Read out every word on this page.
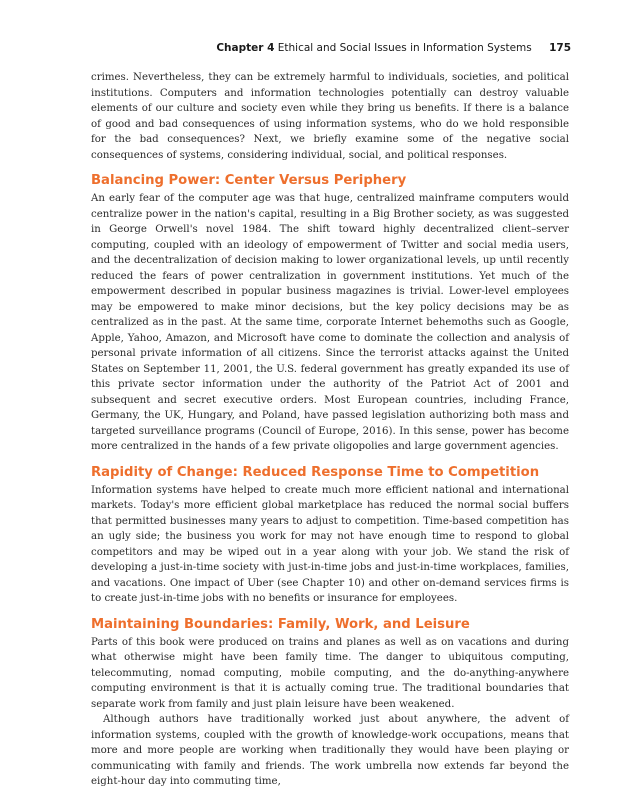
Chapter 4 Ethical and Social Issues in Information Systems 175

crimes. Nevertheless, they can be extremely harmful to individuals, societies, and political institutions. Computers and information technologies potentially can destroy valuable elements of our culture and society even while they bring us benefits. If there is a balance of good and bad consequences of using information systems, who do we hold responsible for the bad consequences? Next, we briefly examine some of the negative social consequences of systems, considering individual, social, and political responses.

Balancing Power: Center Versus Periphery

An early fear of the computer age was that huge, centralized mainframe computers would centralize power in the nation's capital, resulting in a Big Brother society, as was suggested in George Orwell's novel 1984. The shift toward highly decentralized client–server computing, coupled with an ideology of empowerment of Twitter and social media users, and the decentralization of decision making to lower organizational levels, up until recently reduced the fears of power centralization in government institutions. Yet much of the empowerment described in popular business magazines is trivial. Lower-level employees may be empowered to make minor decisions, but the key policy decisions may be as centralized as in the past. At the same time, corporate Internet behemoths such as Google, Apple, Yahoo, Amazon, and Microsoft have come to dominate the collection and analysis of personal private information of all citizens. Since the terrorist attacks against the United States on September 11, 2001, the U.S. federal government has greatly expanded its use of this private sector information under the authority of the Patriot Act of 2001 and subsequent and secret executive orders. Most European countries, including France, Germany, the UK, Hungary, and Poland, have passed legislation authorizing both mass and targeted surveillance programs (Council of Europe, 2016). In this sense, power has become more centralized in the hands of a few private oligopolies and large government agencies.

Rapidity of Change: Reduced Response Time to Competition

Information systems have helped to create much more efficient national and international markets. Today's more efficient global marketplace has reduced the normal social buffers that permitted businesses many years to adjust to competition. Time-based competition has an ugly side; the business you work for may not have enough time to respond to global competitors and may be wiped out in a year along with your job. We stand the risk of developing a just-in-time society with just-in-time jobs and just-in-time workplaces, families, and vacations. One impact of Uber (see Chapter 10) and other on-demand services firms is to create just-in-time jobs with no benefits or insurance for employees.

Maintaining Boundaries: Family, Work, and Leisure

Parts of this book were produced on trains and planes as well as on vacations and during what otherwise might have been family time. The danger to ubiquitous computing, telecommuting, nomad computing, mobile computing, and the do-anything-anywhere computing environment is that it is actually coming true. The traditional boundaries that separate work from family and just plain leisure have been weakened.

Although authors have traditionally worked just about anywhere, the advent of information systems, coupled with the growth of knowledge-work occupations, means that more and more people are working when traditionally they would have been playing or communicating with family and friends. The work umbrella now extends far beyond the eight-hour day into commuting time,
